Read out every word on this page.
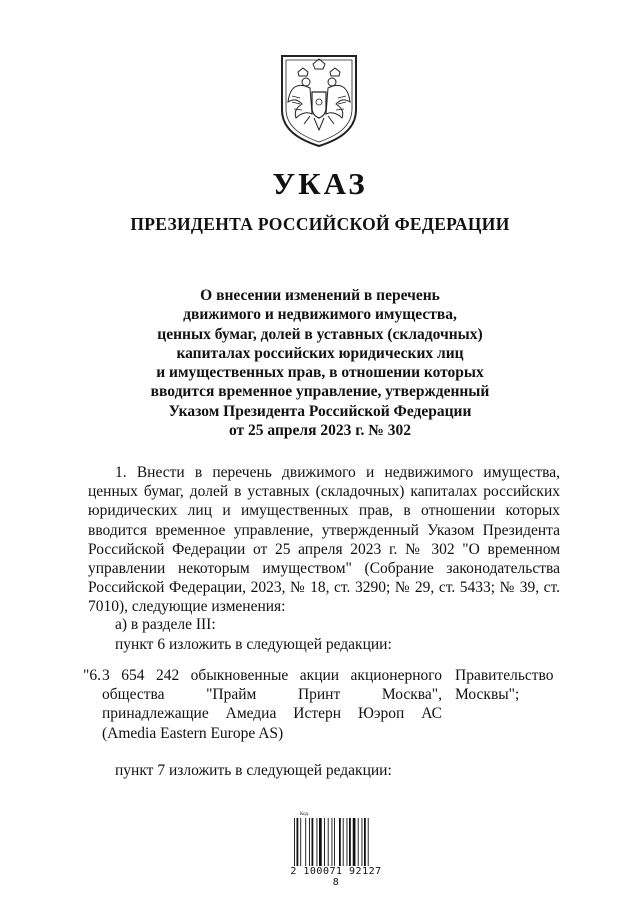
УКАЗ
ПРЕЗИДЕНТА РОССИЙСКОЙ ФЕДЕРАЦИИ
О внесении изменений в перечень
движимого и недвижимого имущества,
ценных бумаг, долей в уставных (складочных)
капиталах российских юридических лиц
и имущественных прав, в отношении которых
вводится временное управление, утвержденный
Указом Президента Российской Федерации
от 25 апреля 2023 г. № 302
1. Внести в перечень движимого и недвижимого имущества, ценных бумаг, долей в уставных (складочных) капиталах российских юридических лиц и имущественных прав, в отношении которых вводится временное управление, утвержденный Указом Президента Российской Федерации от 25 апреля 2023 г. № 302 "О временном управлении некоторым имуществом" (Собрание законодательства Российской Федерации, 2023, № 18, ст. 3290; № 29, ст. 5433; № 39, ст. 7010), следующие изменения:
а) в разделе III:
пункт 6 изложить в следующей редакции:
"6. 3 654 242 обыкновенные акции акционерного
общества "Прайм Принт Москва",
принадлежащие Амедиа Истерн Юэроп АС
(Amedia Eastern Europe AS)
Правительство
Москвы";
пункт 7 изложить в следующей редакции:
Код
2 100071 92127 8
